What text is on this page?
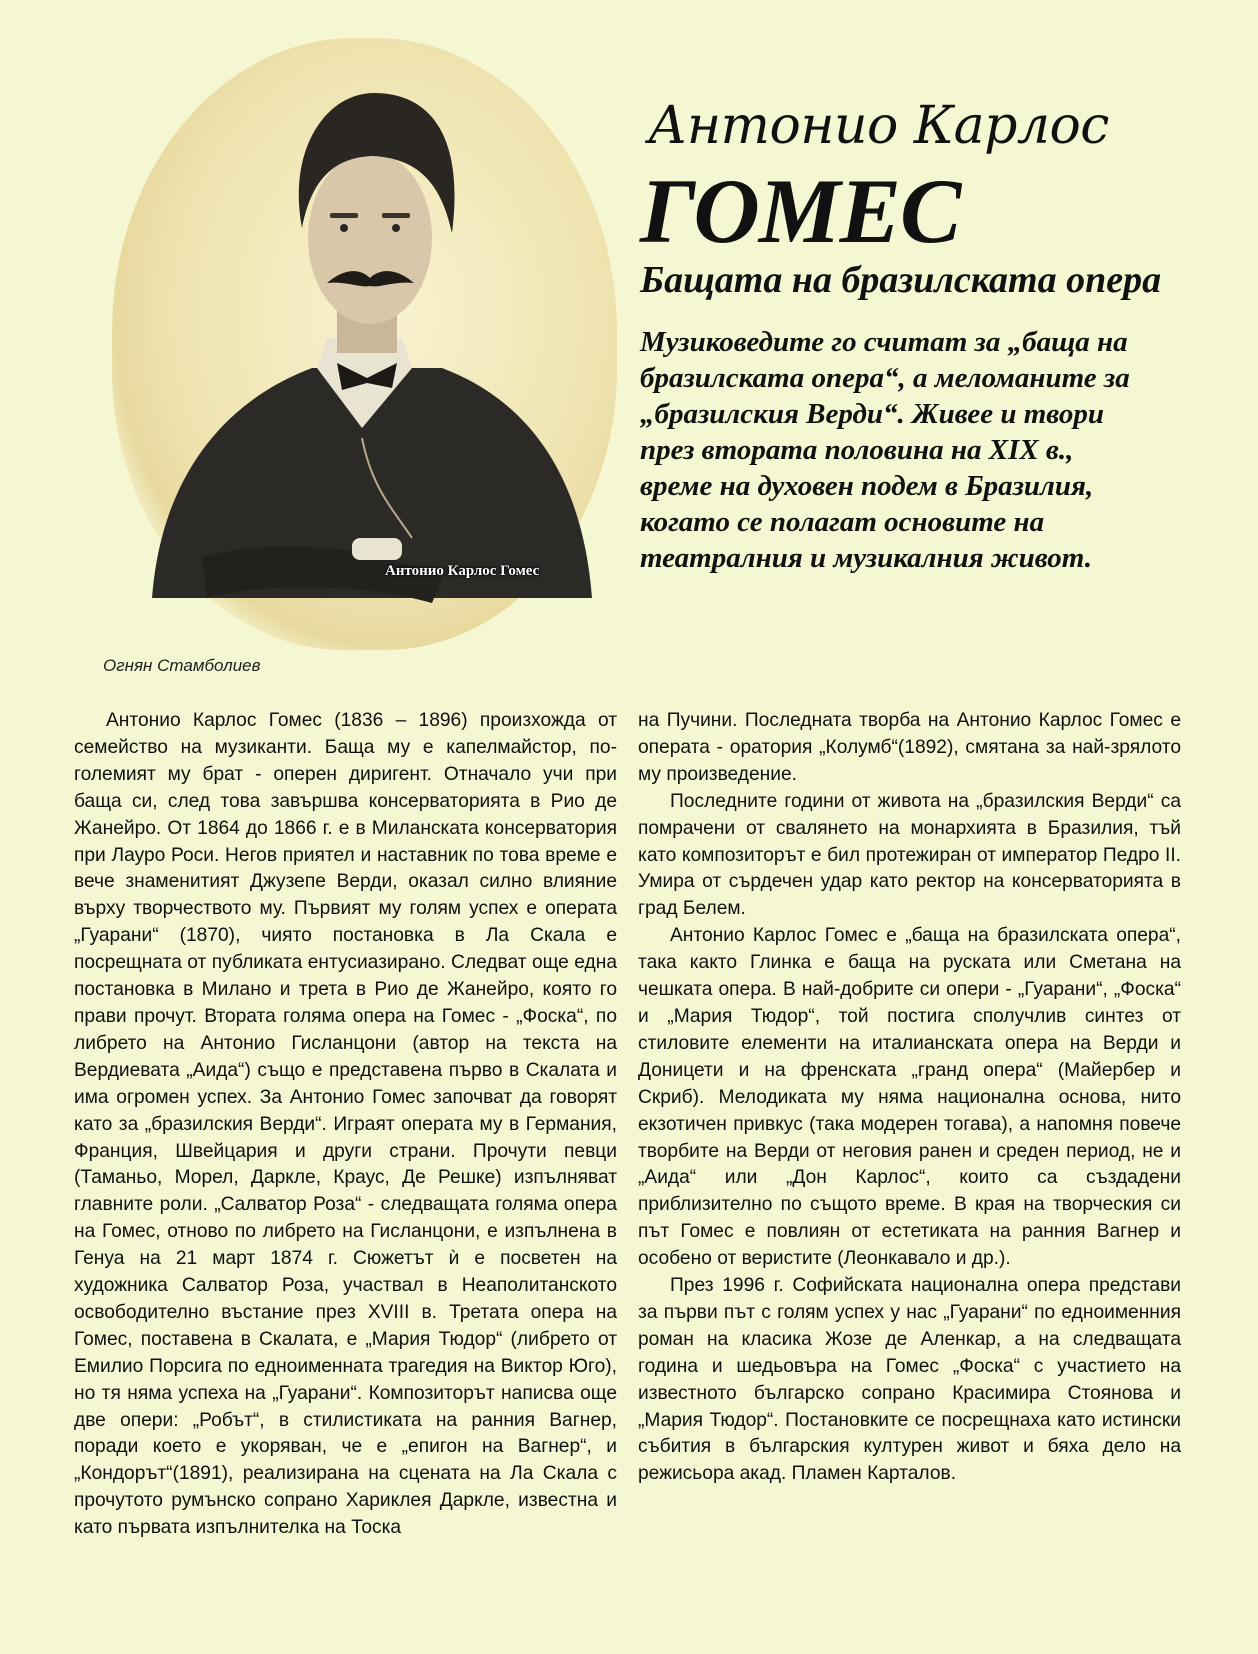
Антонио Карлос Гомес
Огнян Стамболиев
Антонио Карлос
ГОМЕС
Бащата на бразилската опера

Музиковедите го считат за „баща на бразилската опера“, а меломаните за „бразилския Верди“. Живее и твори през втората половина на XIX в., време на духовен подем в Бразилия, когато се полагат основите на театралния и музикалния живот.

Антонио Карлос Гомес (1836 – 1896) произхожда от семейство на музиканти. Баща му е капелмайстор, по-големият му брат - оперен диригент. Отначало учи при баща си, след това завършва консерваторията в Рио де Жанейро. От 1864 до 1866 г. е в Миланската консерватория при Лауро Роси. Негов приятел и наставник по това време е вече знаменитият Джузепе Верди, оказал силно влияние върху творчеството му. Първият му голям успех е операта „Гуарани“ (1870), чиято постановка в Ла Скала е посрещната от публиката ентусиазирано. Следват още една постановка в Милано и трета в Рио де Жанейро, която го прави прочут. Втората голяма опера на Гомес - „Фоска“, по либрето на Антонио Гисланцони (автор на текста на Вердиевата „Аида“) също е представена първо в Скалата и има огромен успех. За Антонио Гомес започват да говорят като за „бразилския Верди“. Играят операта му в Германия, Франция, Швейцария и други страни. Прочути певци (Таманьо, Морел, Даркле, Краус, Де Решке) изпълняват главните роли. „Салватор Роза“ - следващата голяма опера на Гомес, отново по либрето на Гисланцони, е изпълнена в Генуа на 21 март 1874 г. Сюжетът ѝ е посветен на художника Салватор Роза, участвал в Неаполитанското освободително въстание през XVIII в. Третата опера на Гомес, поставена в Скалата, е „Мария Тюдор“ (либрето от Емилио Порсига по едноименната трагедия на Виктор Юго), но тя няма успеха на „Гуарани“. Композиторът написва още две опери: „Робът“, в стилистиката на ранния Вагнер, поради което е укоряван, че е „епигон на Вагнер“, и „Кондорът“(1891), реализирана на сцената на Ла Скала с прочутото румънско сопрано Хариклея Даркле, известна и като първата изпълнителка на Тоска

на Пучини. Последната творба на Антонио Карлос Гомес е операта - оратория „Колумб“(1892), смятана за най-зрялото му произведение.

Последните години от живота на „бразилския Верди“ са помрачени от свалянето на монархията в Бразилия, тъй като композиторът е бил протежиран от император Педро II. Умира от сърдечен удар като ректор на консерваторията в град Белем.

Антонио Карлос Гомес е „баща на бразилската опера“, така както Глинка е баща на руската или Сметана на чешката опера. В най-добрите си опери - „Гуарани“, „Фоска“ и „Мария Тюдор“, той постига сполучлив синтез от стиловите елементи на италианската опера на Верди и Доницети и на френската „гранд опера“ (Майербер и Скриб). Мелодиката му няма национална основа, нито екзотичен привкус (така модерен тогава), а напомня повече творбите на Верди от неговия ранен и среден период, не и „Аида“ или „Дон Карлос“, които са създадени приблизително по същото време. В края на творческия си път Гомес е повлиян от естетиката на ранния Вагнер и особено от веристите (Леонкавало и др.).

През 1996 г. Софийската национална опера представи за първи път с голям успех у нас „Гуарани“ по едноименния роман на класика Жозе де Аленкар, а на следващата година и шедьовъра на Гомес „Фоска“ с участието на известното българско сопрано Красимира Стоянова и „Мария Тюдор“. Постановките се посрещнаха като истински събития в българския културен живот и бяха дело на режисьора акад. Пламен Карталов.
